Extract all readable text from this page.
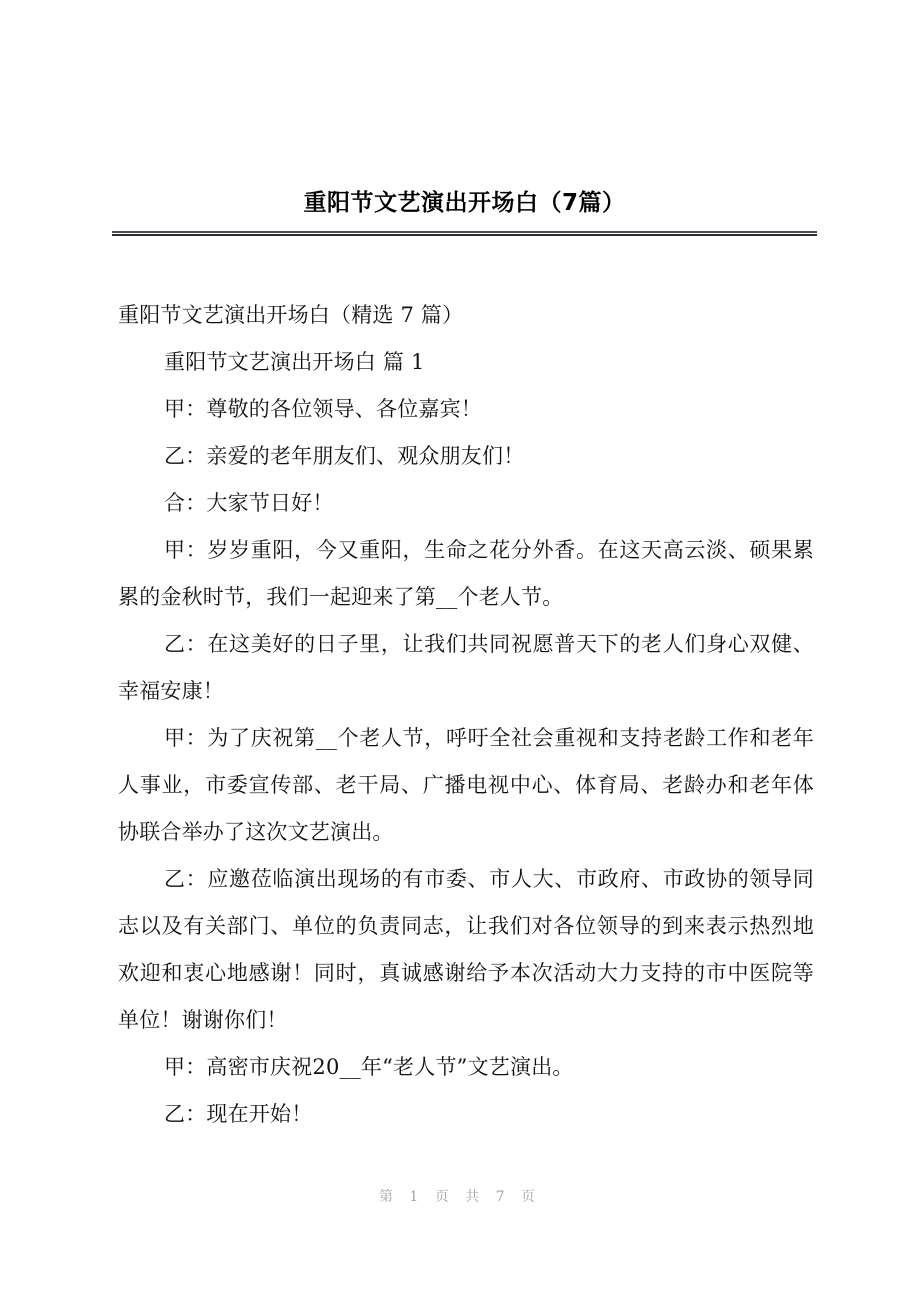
重阳节文艺演出开场白（7篇）

重阳节文艺演出开场白（精选 7 篇）

重阳节文艺演出开场白 篇 1

甲：尊敬的各位领导、各位嘉宾！

乙：亲爱的老年朋友们、观众朋友们！

合：大家节日好！

甲：岁岁重阳，今又重阳，生命之花分外香。在这天高云淡、硕果累累的金秋时节，我们一起迎来了第__个老人节。

乙：在这美好的日子里，让我们共同祝愿普天下的老人们身心双健、幸福安康！

甲：为了庆祝第__个老人节，呼吁全社会重视和支持老龄工作和老年人事业，市委宣传部、老干局、广播电视中心、体育局、老龄办和老年体协联合举办了这次文艺演出。

乙：应邀莅临演出现场的有市委、市人大、市政府、市政协的领导同志以及有关部门、单位的负责同志，让我们对各位领导的到来表示热烈地欢迎和衷心地感谢！同时，真诚感谢给予本次活动大力支持的市中医院等单位！谢谢你们！

甲：高密市庆祝20__年“老人节”文艺演出。

乙：现在开始！

第 1 页 共 7 页
